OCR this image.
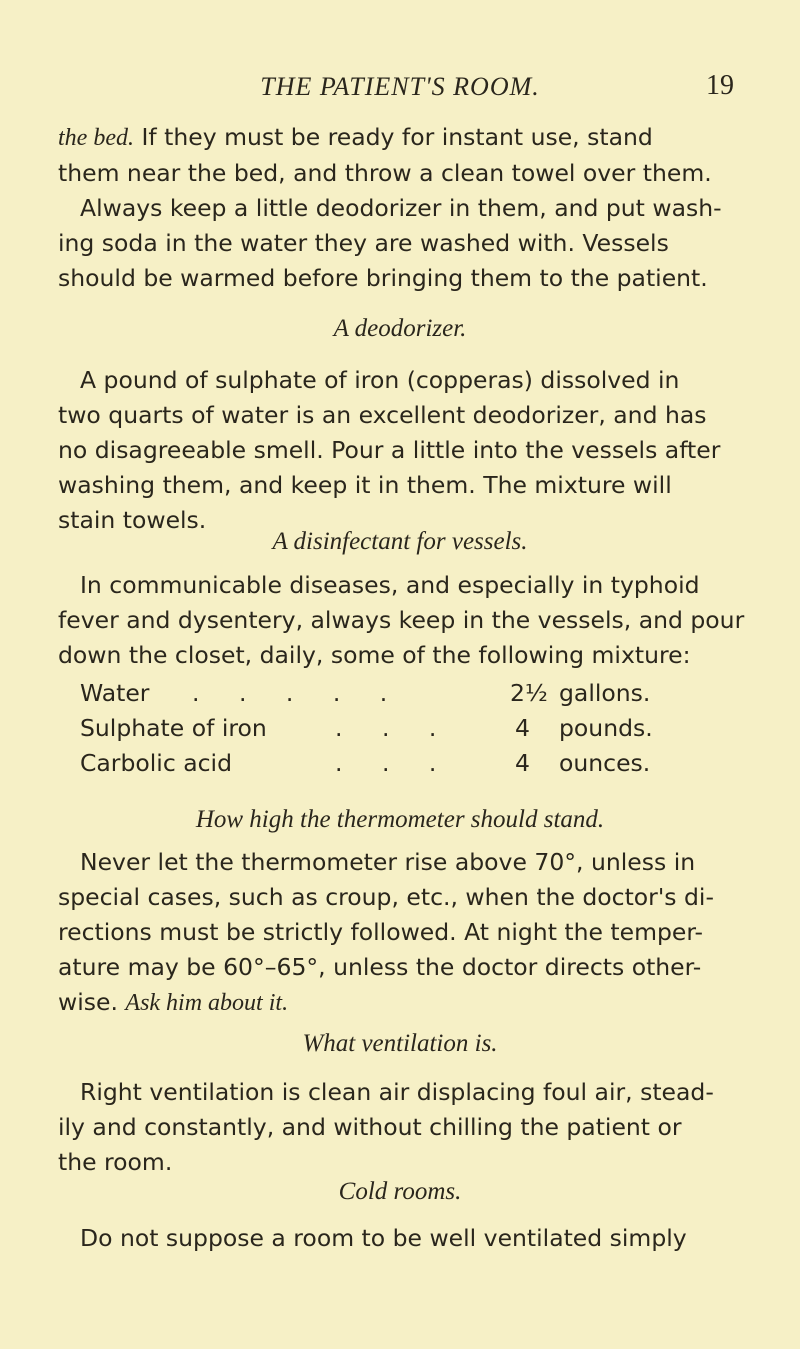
THE PATIENT'S ROOM.	19
the bed. If they must be ready for instant use, stand
them near the bed, and throw a clean towel over them.
Always keep a little deodorizer in them, and put wash-
ing soda in the water they are washed with. Vessels
should be warmed before bringing them to the patient.
A deodorizer.
A pound of sulphate of iron (copperas) dissolved in
two quarts of water is an excellent deodorizer, and has
no disagreeable smell. Pour a little into the vessels after
washing them, and keep it in them. The mixture will
stain towels.
A disinfectant for vessels.
In communicable diseases, and especially in typhoid
fever and dysentery, always keep in the vessels, and pour
down the closet, daily, some of the following mixture:
Water . . . . .	2½ gallons.
Sulphate of iron	. . .	4 pounds.
Carbolic acid	. . .	4 ounces.
How high the thermometer should stand.
Never let the thermometer rise above 70°, unless in
special cases, such as croup, etc., when the doctor's di-
rections must be strictly followed. At night the temper-
ature may be 60°–65°, unless the doctor directs other-
wise. Ask him about it.
What ventilation is.
Right ventilation is clean air displacing foul air, stead-
ily and constantly, and without chilling the patient or
the room.
Cold rooms.
Do not suppose a room to be well ventilated simply
